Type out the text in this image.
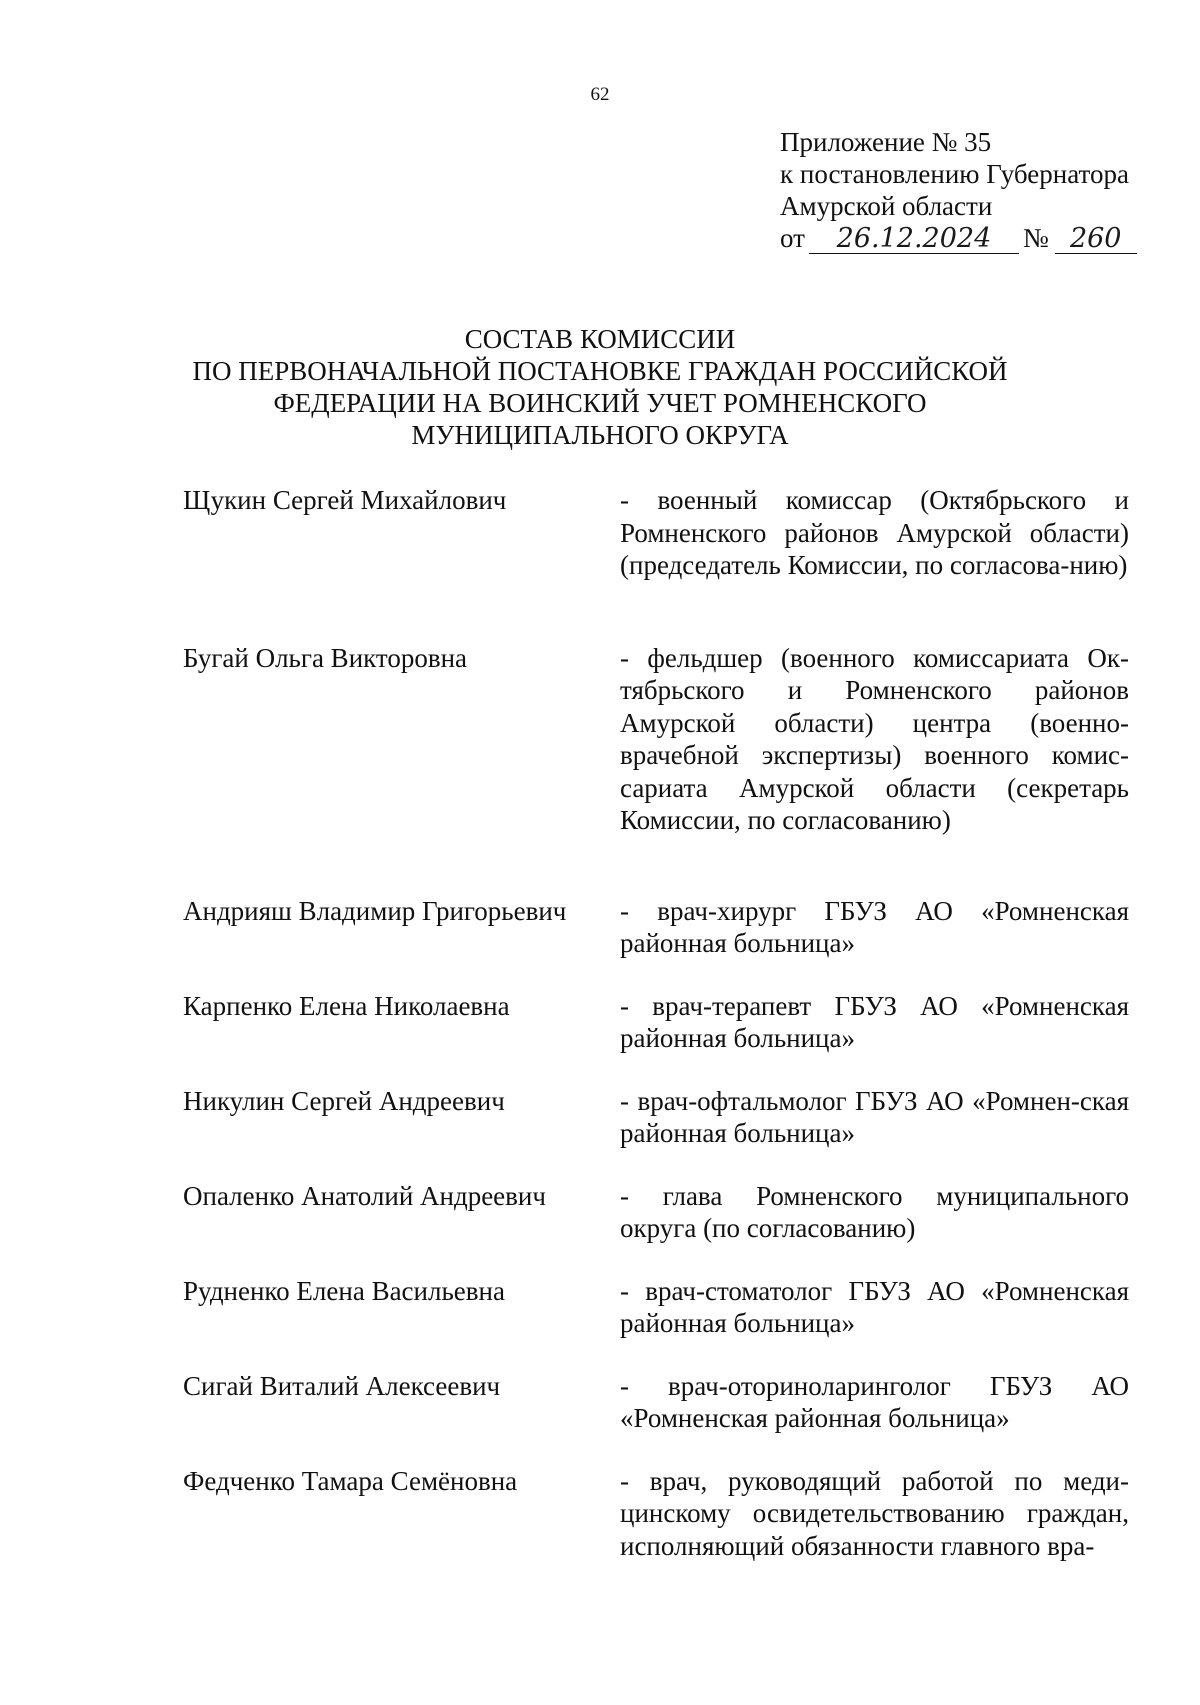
62
Приложение № 35
к постановлению Губернатора
Амурской области
от 26.12.2024 № 260
СОСТАВ КОМИССИИ
ПО ПЕРВОНАЧАЛЬНОЙ ПОСТАНОВКЕ ГРАЖДАН РОССИЙСКОЙ
ФЕДЕРАЦИИ НА ВОИНСКИЙ УЧЕТ РОМНЕНСКОГО
МУНИЦИПАЛЬНОГО ОКРУГА
Щукин Сергей Михайлович	- военный комиссар (Октябрьского и Ромненского районов Амурской области) (председатель Комиссии, по согласова-нию)
Бугай Ольга Викторовна	- фельдшер (военного комиссариата Ок-тябрьского и Ромненского районов Амурской области) центра (военно-врачебной экспертизы) военного комис-сариата Амурской области (секретарь Комиссии, по согласованию)
Андрияш Владимир Григорьевич	- врач-хирург ГБУЗ АО «Ромненская районная больница»
Карпенко Елена Николаевна	- врач-терапевт ГБУЗ АО «Ромненская районная больница»
Никулин Сергей Андреевич	- врач-офтальмолог ГБУЗ АО «Ромнен-ская районная больница»
Опаленко Анатолий Андреевич	- глава Ромненского муниципального округа (по согласованию)
Рудненко Елена Васильевна	- врач-стоматолог ГБУЗ АО «Ромненская районная больница»
Сигай Виталий Алексеевич	- врач-оториноларинголог ГБУЗ АО «Ромненская районная больница»
Федченко Тамара Семёновна	- врач, руководящий работой по меди-цинскому освидетельствованию граждан, исполняющий обязанности главного вра-
